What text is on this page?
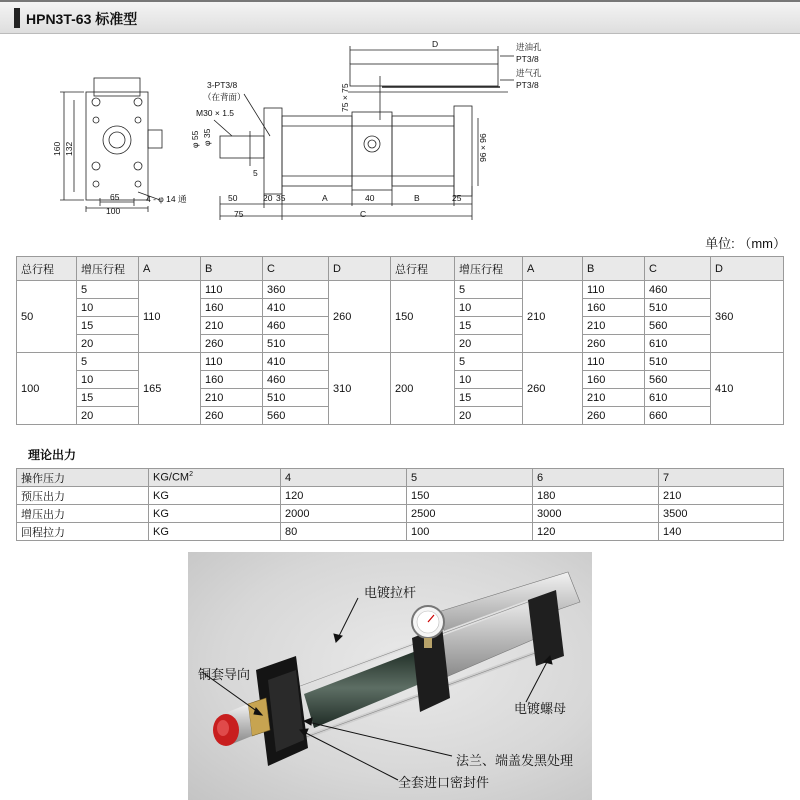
HPN3T-63 标准型
D	进油孔
PT3/8
进气孔
PT3/8
75 × 75
96 × 96
3-PT3/8
（在背面）
M30 × 1.5
φ 55 φ 35
5
50	20 35	A	40	B	25
75	C
160 132
65
100
4 - φ 14 通
单位: （mm）
总行程	增压行程	A	B	C	D	总行程	增压行程	A	B	C	D
50	5	110	110	360	260	150	5	210	110	460	360
	10		160	410			10		160	510	
	15		210	460			15		210	560	
	20		260	510			20		260	610	
100	5	165	110	410	310	200	5	260	110	510	410
	10		160	460			10		160	560	
	15		210	510			15		210	610	
	20		260	560			20		260	660	
理论出力
操作压力	$KG/CM^2$	4	5	6	7
预压出力	KG	120	150	180	210
增压出力	KG	2000	2500	3000	3500
回程拉力	KG	80	100	120	140
电镀拉杆
铜套导向
电镀螺母
法兰、端盖发黑处理
全套进口密封件
